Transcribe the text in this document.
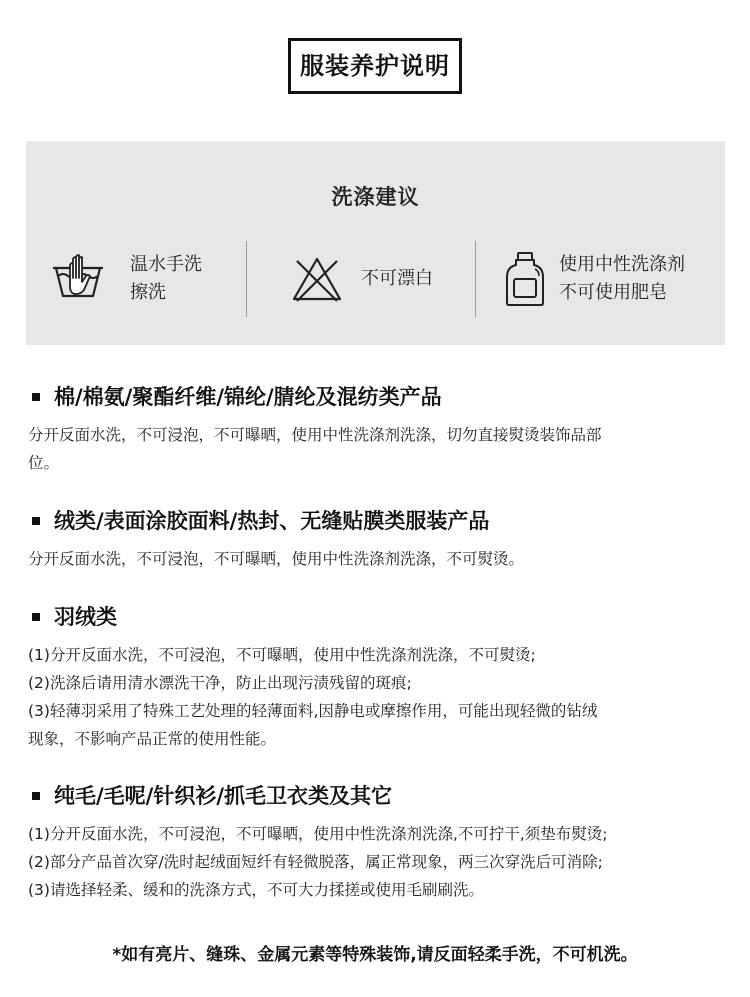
服装养护说明
洗涤建议
温水手洗
擦洗
不可漂白
使用中性洗涤剂
不可使用肥皂
棉/棉氨/聚酯纤维/锦纶/腈纶及混纺类产品
分开反面水洗，不可浸泡，不可曝晒，使用中性洗涤剂洗涤，切勿直接熨烫装饰品部
位。
绒类/表面涂胶面料/热封、无缝贴膜类服装产品
分开反面水洗，不可浸泡，不可曝晒，使用中性洗涤剂洗涤，不可熨烫。
羽绒类
(1)分开反面水洗，不可浸泡，不可曝晒，使用中性洗涤剂洗涤，不可熨烫;
(2)洗涤后请用清水漂洗干净，防止出现污渍残留的斑痕;
(3)轻薄羽采用了特殊工艺处理的轻薄面料,因静电或摩擦作用，可能出现轻微的钻绒
现象，不影响产品正常的使用性能。
纯毛/毛呢/针织衫/抓毛卫衣类及其它
(1)分开反面水洗，不可浸泡，不可曝晒，使用中性洗涤剂洗涤,不可拧干,须垫布熨烫;
(2)部分产品首次穿/洗时起绒面短纤有轻微脱落，属正常现象，两三次穿洗后可消除;
(3)请选择轻柔、缓和的洗涤方式，不可大力揉搓或使用毛刷刷洗。
*如有亮片、缝珠、金属元素等特殊装饰,请反面轻柔手洗，不可机洗。
